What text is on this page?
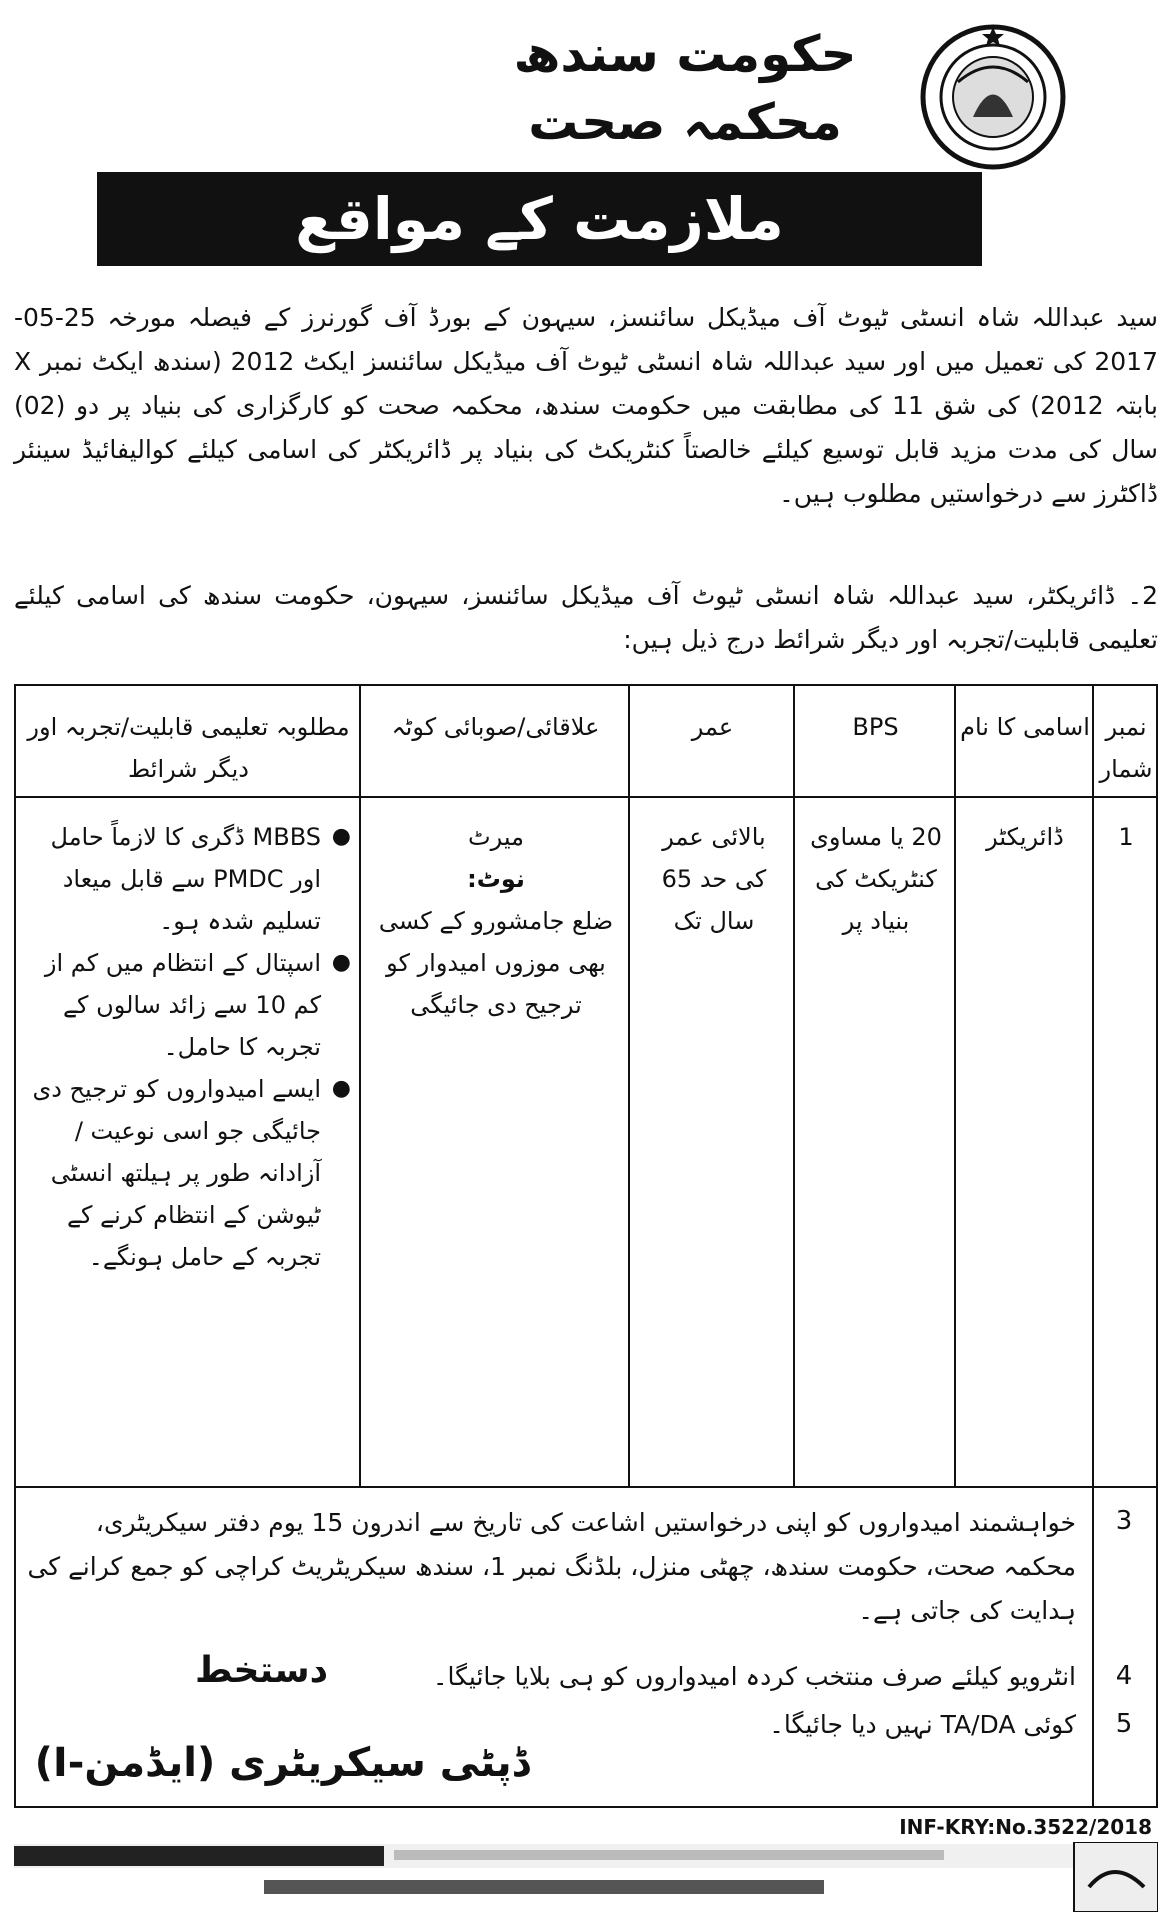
حکومت سندھ
محکمہ صحت
ملازمت کے مواقع
سید عبداللہ شاہ انسٹی ٹیوٹ آف میڈیکل سائنسز، سیہون کے بورڈ آف گورنرز کے فیصلہ مورخہ 25-05-2017 کی تعمیل میں اور سید عبداللہ شاہ انسٹی ٹیوٹ آف میڈیکل سائنسز ایکٹ 2012 (سندھ ایکٹ نمبر X بابتہ 2012) کی شق 11 کی مطابقت میں حکومت سندھ، محکمہ صحت کو کارگزاری کی بنیاد پر دو (02) سال کی مدت مزید قابل توسیع کیلئے خالصتاً کنٹریکٹ کی بنیاد پر ڈائریکٹر کی اسامی کیلئے کوالیفائیڈ سینئر ڈاکٹرز سے درخواستیں مطلوب ہیں۔
2۔ ڈائریکٹر، سید عبداللہ شاہ انسٹی ٹیوٹ آف میڈیکل سائنسز، سیہون، حکومت سندھ کی اسامی کیلئے تعلیمی قابلیت/تجربہ اور دیگر شرائط درج ذیل ہیں:
نمبر شمار
اسامی کا نام
BPS
عمر
علاقائی/صوبائی کوٹہ
مطلوبہ تعلیمی قابلیت/تجربہ اور دیگر شرائط
1
ڈائریکٹر
20 یا مساوی کنٹریکٹ کی بنیاد پر
بالائی عمر کی حد 65 سال تک
میرٹ
نوٹ:
ضلع جامشورو کے کسی بھی موزوں امیدوار کو ترجیح دی جائیگی
● MBBS ڈگری کا لازماً حامل اور PMDC سے قابل میعاد تسلیم شدہ ہو۔
● اسپتال کے انتظام میں کم از کم 10 سے زائد سالوں کے تجربہ کا حامل۔
● ایسے امیدواروں کو ترجیح دی جائیگی جو اسی نوعیت / آزادانہ طور پر ہیلتھ انسٹی ٹیوشن کے انتظام کرنے کے تجربہ کے حامل ہونگے۔
3
خواہشمند امیدواروں کو اپنی درخواستیں اشاعت کی تاریخ سے اندرون 15 یوم دفتر سیکریٹری، محکمہ صحت، حکومت سندھ، چھٹی منزل، بلڈنگ نمبر 1، سندھ سیکریٹریٹ کراچی کو جمع کرانے کی ہدایت کی جاتی ہے۔
4
انٹرویو کیلئے صرف منتخب کردہ امیدواروں کو ہی بلایا جائیگا۔
5
کوئی TA/DA نہیں دیا جائیگا۔
دستخط
ڈپٹی سیکریٹری (ایڈمن-I)
INF-KRY:No.3522/2018
